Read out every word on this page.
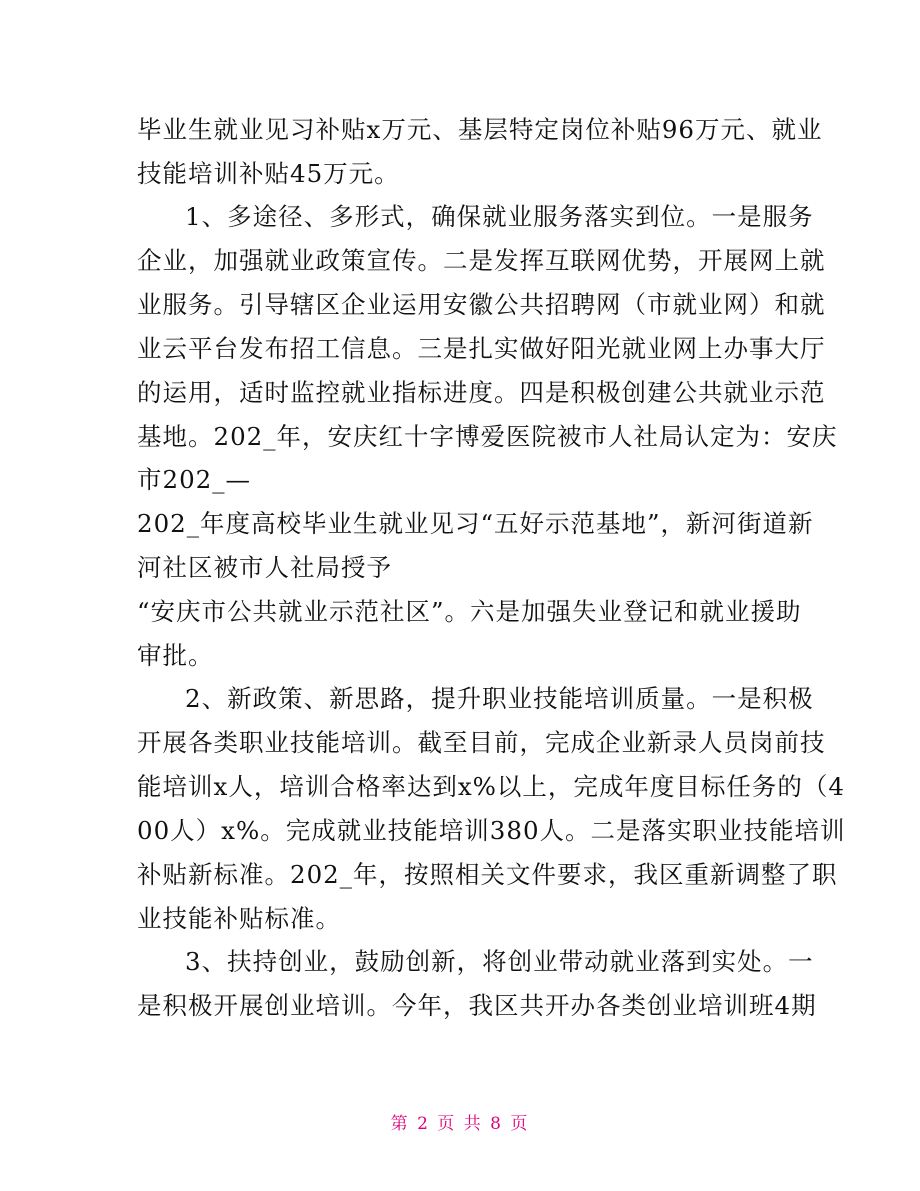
毕业生就业见习补贴x万元、基层特定岗位补贴96万元、就业
技能培训补贴45万元。
1、多途径、多形式，确保就业服务落实到位。一是服务
企业，加强就业政策宣传。二是发挥互联网优势，开展网上就
业服务。引导辖区企业运用安徽公共招聘网（市就业网）和就
业云平台发布招工信息。三是扎实做好阳光就业网上办事大厅
的运用，适时监控就业指标进度。四是积极创建公共就业示范
基地。202_年，安庆红十字博爱医院被市人社局认定为：安庆
市202_—
202_年度高校毕业生就业见习“五好示范基地”，新河街道新
河社区被市人社局授予
“安庆市公共就业示范社区”。六是加强失业登记和就业援助
审批。
2、新政策、新思路，提升职业技能培训质量。一是积极
开展各类职业技能培训。截至目前，完成企业新录人员岗前技
能培训x人，培训合格率达到x%以上，完成年度目标任务的（4
00人）x%。完成就业技能培训380人。二是落实职业技能培训
补贴新标准。202_年，按照相关文件要求，我区重新调整了职
业技能补贴标准。
3、扶持创业，鼓励创新，将创业带动就业落到实处。一
是积极开展创业培训。今年，我区共开办各类创业培训班4期
第 2 页 共 8 页
